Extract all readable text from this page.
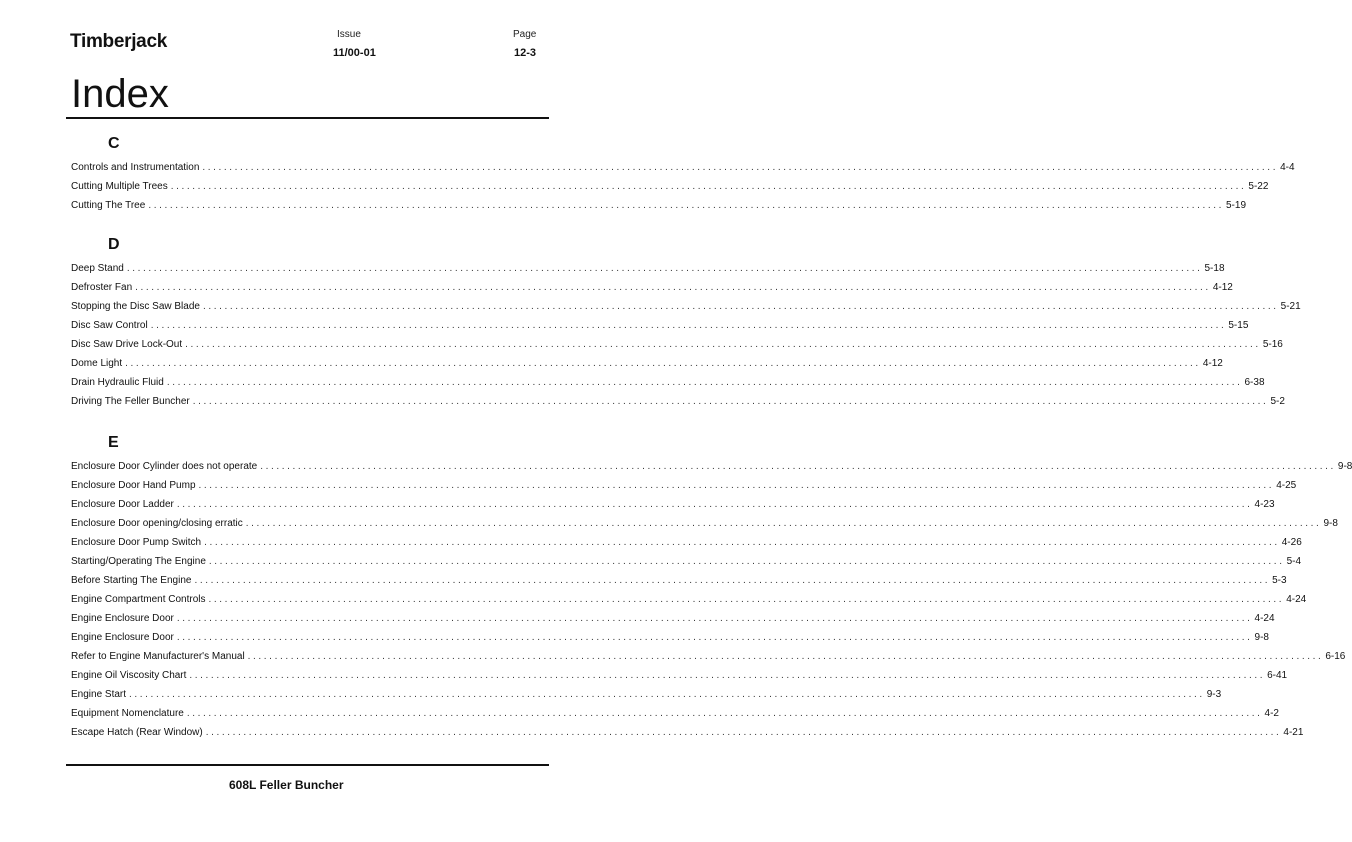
Timberjack	Issue
11/00-01
Page
12-3
Index
C
Controls and Instrumentation ........................................................................................................................................................................................................ 4-4
Cutting Multiple Trees ........................................................................................................................................................................................................ 5-22
Cutting The Tree ........................................................................................................................................................................................................ 5-19
D
Deep Stand ........................................................................................................................................................................................................ 5-18
Defroster Fan ........................................................................................................................................................................................................ 4-12
Stopping the Disc Saw Blade ........................................................................................................................................................................................................ 5-21
Disc Saw Control ........................................................................................................................................................................................................ 5-15
Disc Saw Drive Lock-Out ........................................................................................................................................................................................................ 5-16
Dome Light ........................................................................................................................................................................................................ 4-12
Drain Hydraulic Fluid ........................................................................................................................................................................................................ 6-38
Driving The Feller Buncher ........................................................................................................................................................................................................ 5-2
E
Enclosure Door Cylinder does not operate ........................................................................................................................................................................................................ 9-8
Enclosure Door Hand Pump ........................................................................................................................................................................................................ 4-25
Enclosure Door Ladder ........................................................................................................................................................................................................ 4-23
Enclosure Door opening/closing erratic ........................................................................................................................................................................................................ 9-8
Enclosure Door Pump Switch ........................................................................................................................................................................................................ 4-26
Starting/Operating The Engine ........................................................................................................................................................................................................ 5-4
Before Starting The Engine ........................................................................................................................................................................................................ 5-3
Engine Compartment Controls ........................................................................................................................................................................................................ 4-24
Engine Enclosure Door ........................................................................................................................................................................................................ 4-24
Engine Enclosure Door ........................................................................................................................................................................................................ 9-8
Refer to Engine Manufacturer's Manual ........................................................................................................................................................................................................ 6-16
Engine Oil Viscosity Chart ........................................................................................................................................................................................................ 6-41
Engine Start ........................................................................................................................................................................................................ 9-3
Equipment Nomenclature ........................................................................................................................................................................................................ 4-2
Escape Hatch (Rear Window) ........................................................................................................................................................................................................ 4-21
608L Feller Buncher
